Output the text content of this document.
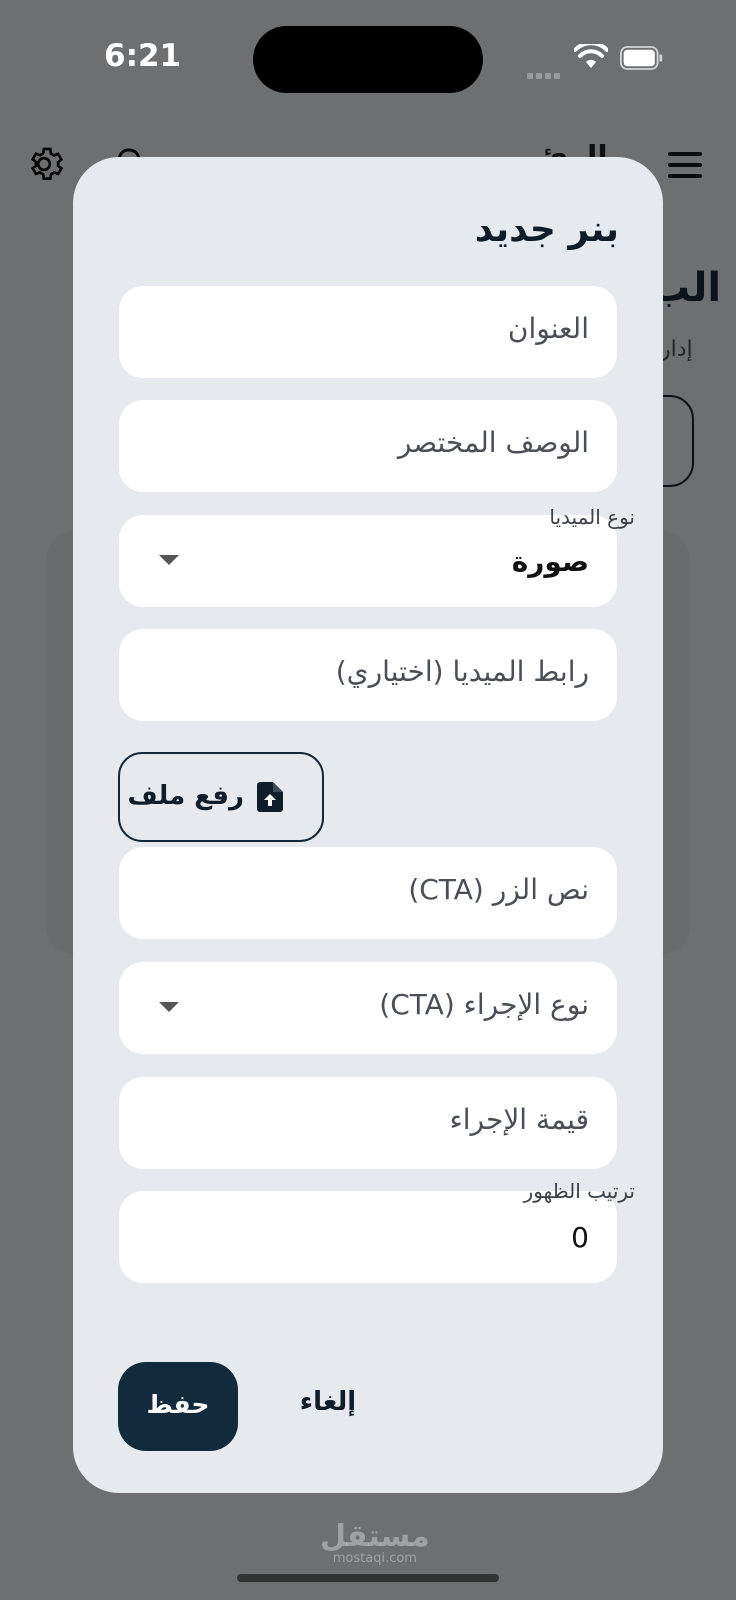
6:21
بنر جديد
العنوان
الوصف المختصر
نوع الميديا
صورة
رابط الميديا (اختياري)
رفع ملف
نص الزر (CTA)
نوع الإجراء (CTA)
قيمة الإجراء
ترتيب الظهور
0
حفظ	إلغاء
مستقل
mostaqi.com
